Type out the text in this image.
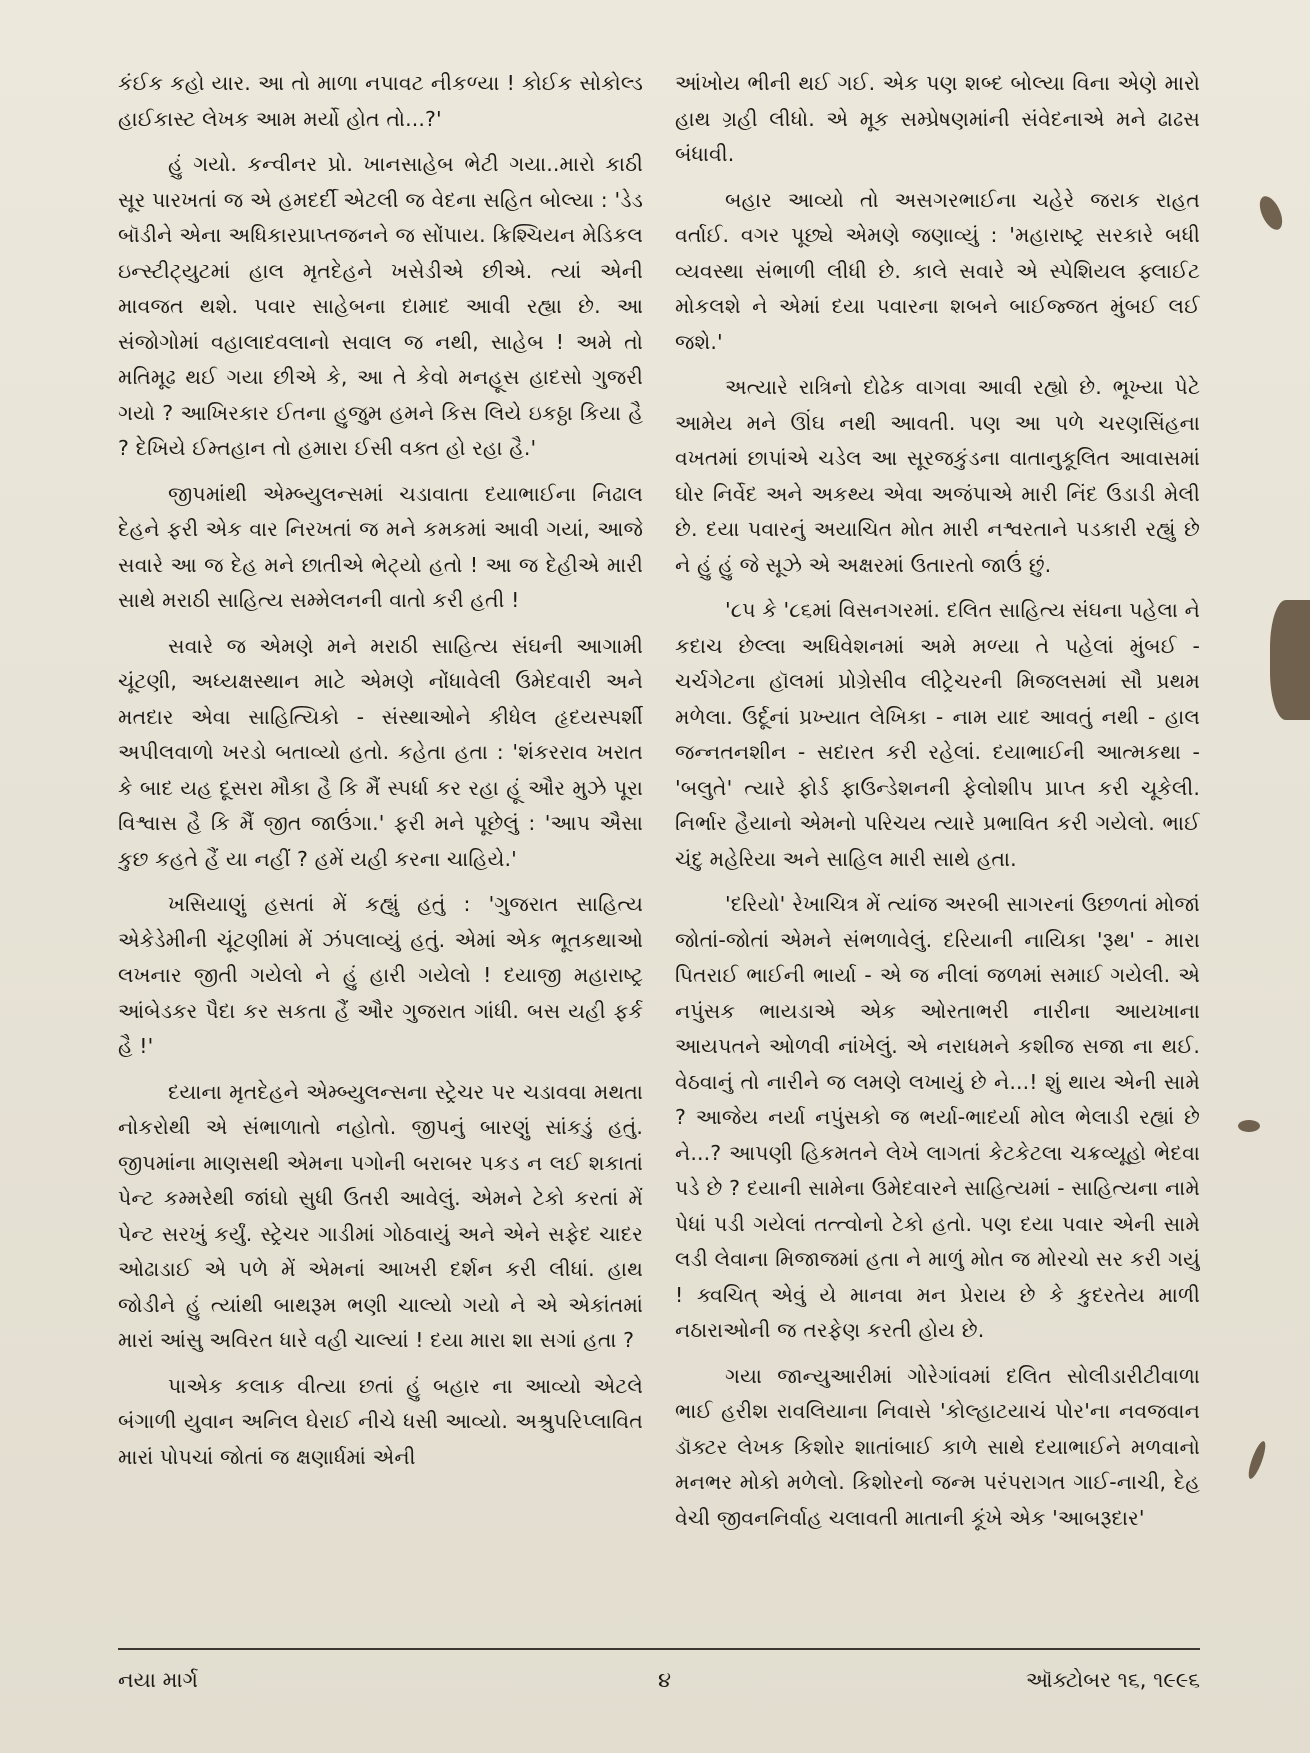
કંઈક કહો યાર. આ તો માળા નપાવટ નીકળ્યા ! કોઈક સોકોલ્ડ હાઈકાસ્ટ લેખક આમ મર્યો હોત તો...?'

હું ગયો. કન્વીનર પ્રો. ખાનસાહેબ ભેટી ગયા..મારો કાઠી સૂર પારખતાં જ એ હમદર્દી એટલી જ વેદના સહિત બોલ્યા : 'ડેડ બૉડીને એના અધિકારપ્રાપ્તજનને જ સોંપાય. ક્રિશ્ચિયન મેડિકલ ઇન્સ્ટીટ્યુટમાં હાલ મૃતદેહને ખસેડીએ છીએ. ત્યાં એની માવજત થશે. પવાર સાહેબના દામાદ આવી રહ્યા છે. આ સંજોગોમાં વહાલાદવલાનો સવાલ જ નથી, સાહેબ ! અમે તો મતિમૂઢ થઈ ગયા છીએ કે, આ તે કેવો મનહૂસ હાદસો ગુજરી ગયો ? આખિરકાર ઈતના હુજુમ હમને કિસ લિયે ઇકઠ્ઠા કિયા હૈ ? દેખિયે ઈમ્તહાન તો હમારા ઈસી વક્ત હો રહા હૈ.'

જીપમાંથી એમ્બ્યુલન્સમાં ચડાવાતા દયાભાઈના નિઢાલ દેહને ફરી એક વાર નિરખતાં જ મને કમકમાં આવી ગયાં, આજે સવારે આ જ દેહ મને છાતીએ ભેટ્યો હતો ! આ જ દેહીએ મારી સાથે મરાઠી સાહિત્ય સમ્મેલનની વાતો કરી હતી !

સવારે જ એમણે મને મરાઠી સાહિત્ય સંઘની આગામી ચૂંટણી, અધ્યક્ષસ્થાન માટે એમણે નોંધાવેલી ઉમેદવારી અને મતદાર એવા સાહિત્યિકો - સંસ્થાઓને કીધેલ હૃદયસ્પર્શી અપીલવાળો ખરડો બતાવ્યો હતો. કહેતા હતા : 'શંકરરાવ ખરાત કે બાદ યહ દૂસરા મૌકા હૈ કિ મૈં સ્પર્ધા કર રહા હૂં ઔર મુઝે પૂરા વિશ્વાસ હૈ કિ મૈં જીત જાઉંગા.' ફરી મને પૂછેલું : 'આપ ઐસા કુછ કહતે હૈં યા નહીં ? હમેં યહી કરના ચાહિયે.'

ખસિયાણું હસતાં મેં કહ્યું હતું : 'ગુજરાત સાહિત્ય એકેડેમીની ચૂંટણીમાં મેં ઝંપલાવ્યું હતું. એમાં એક ભૂતકથાઓ લખનાર જીતી ગયેલો ને હું હારી ગયેલો ! દયાજી મહારાષ્ટ્ર આંબેડકર પૈદા કર સકતા હૈં ઔર ગુજરાત ગાંધી. બસ યહી ફર્ક હૈ !'

દયાના મૃતદેહને એમ્બ્યુલન્સના સ્ટ્રેચર પર ચડાવવા મથતા નોકરોથી એ સંભાળાતો નહોતો. જીપનું બારણું સાંકડું હતું. જીપમાંના માણસથી એમના પગોની બરાબર પકડ ન લઈ શકાતાં પેન્ટ કમ્મરેથી જાંઘો સુધી ઉતરી આવેલું. એમને ટેકો કરતાં મેં પેન્ટ સરખું કર્યું. સ્ટ્રેચર ગાડીમાં ગોઠવાયું અને એને સફેદ ચાદર ઓઢાડાઈ એ પળે મેં એમનાં આખરી દર્શન કરી લીધાં. હાથ જોડીને હું ત્યાંથી બાથરૂમ ભણી ચાલ્યો ગયો ને એ એકાંતમાં મારાં આંસુ અવિરત ધારે વહી ચાલ્યાં ! દયા મારા શા સગાં હતા ?

પાએક કલાક વીત્યા છતાં હું બહાર ના આવ્યો એટલે બંગાળી યુવાન અનિલ ઘેરાઈ નીચે ધસી આવ્યો. અશ્રુપરિપ્લાવિત મારાં પોપચાં જોતાં જ ક્ષણાર્ધમાં એની

આંખોય ભીની થઈ ગઈ. એક પણ શબ્દ બોલ્યા વિના એણે મારો હાથ ગ્રહી લીધો. એ મૂક સમ્પ્રેષણમાંની સંવેદનાએ મને ઢાઢસ બંધાવી.

બહાર આવ્યો તો અસગરભાઈના ચહેરે જરાક રાહત વર્તાઈ. વગર પૂછ્યે એમણે જણાવ્યું : 'મહારાષ્ટ્ર સરકારે બધી વ્યવસ્થા સંભાળી લીધી છે. કાલે સવારે એ સ્પેશિયલ ફ્લાઈટ મોકલશે ને એમાં દયા પવારના શબને બાઈજ્જત મુંબઈ લઈ જશે.'

અત્યારે રાત્રિનો દોઢેક વાગવા આવી રહ્યો છે. ભૂખ્યા પેટે આમેય મને ઊંઘ નથી આવતી. પણ આ પળે ચરણસિંહના વખતમાં છાપાંએ ચડેલ આ સૂરજકુંડના વાતાનુકૂલિત આવાસમાં ઘોર નિર્વેદ અને અકથ્ય એવા અજંપાએ મારી નિંદ ઉડાડી મેલી છે. દયા પવારનું અયાચિત મોત મારી નશ્વરતાને પડકારી રહ્યું છે ને હું હું જે સૂઝે એ અક્ષરમાં ઉતારતો જાઉં છું.

'૮૫ કે '૮૬માં વિસનગરમાં. દલિત સાહિત્ય સંઘના પહેલા ને કદાચ છેલ્લા અધિવેશનમાં અમે મળ્યા તે પહેલાં મુંબઈ - ચર્ચગેટના હૉલમાં પ્રોગ્રેસીવ લીટ્રેચરની મિજલસમાં સૌ પ્રથમ મળેલા. ઉર્દૂનાં પ્રખ્યાત લેખિકા - નામ યાદ આવતું નથી - હાલ જન્નતનશીન - સદારત કરી રહેલાં. દયાભાઈની આત્મકથા - 'બલુતે' ત્યારે ફોર્ડ ફાઉન્ડેશનની ફેલોશીપ પ્રાપ્ત કરી ચૂકેલી. નિર્ભાર હૈયાનો એમનો પરિચય ત્યારે પ્રભાવિત કરી ગયેલો. ભાઈ ચંદુ મહેરિયા અને સાહિલ મારી સાથે હતા.

'દરિયો' રેખાચિત્ર મેં ત્યાંજ અરબી સાગરનાં ઉછળતાં મોજાં જોતાં-જોતાં એમને સંભળાવેલું. દરિયાની નાયિકા 'રૂથ' - મારા પિતરાઈ ભાઈની ભાર્યા - એ જ નીલાં જળમાં સમાઈ ગયેલી. એ નપુંસક ભાયડાએ એક ઓરતાભરી નારીના આયખાના આયપતને ઓળવી નાંખેલું. એ નરાધમને કશીજ સજા ના થઈ. વેઠવાનું તો નારીને જ લમણે લખાયું છે ને...! શું થાય એની સામે ? આજેય નર્યા નપુંસકો જ ભર્યા-ભાદર્યા મોલ ભેલાડી રહ્યાં છે ને...? આપણી હિકમતને લેખે લાગતાં કેટકેટલા ચક્રવ્યૂહો ભેદવા પડે છે ? દયાની સામેના ઉમેદવારને સાહિત્યમાં - સાહિત્યના નામે પેધાં પડી ગયેલાં તત્ત્વોનો ટેકો હતો. પણ દયા પવાર એની સામે લડી લેવાના મિજાજમાં હતા ને માળું મોત જ મોરચો સર કરી ગયું ! ક્વચિત્ એવું યે માનવા મન પ્રેરાય છે કે કુદરતેય માળી નઠારાઓની જ તરફેણ કરતી હોય છે.

ગયા જાન્યુઆરીમાં ગોરેગાંવમાં દલિત સોલીડારીટીવાળા ભાઈ હરીશ રાવલિયાના નિવાસે 'કોલ્હાટયાચં પોર'ના નવજવાન ડૉક્ટર લેખક કિશોર શાતાંબાઈ કાળે સાથે દયાભાઈને મળવાનો મનભર મોકો મળેલો. કિશોરનો જન્મ પરંપરાગત ગાઈ-નાચી, દેહ વેચી જીવનનિર્વાહ ચલાવતી માતાની કૂંખે એક 'આબરૂદાર'

નયા માર્ગ	૪	ઑક્ટોબર ૧૬, ૧૯૯૬
